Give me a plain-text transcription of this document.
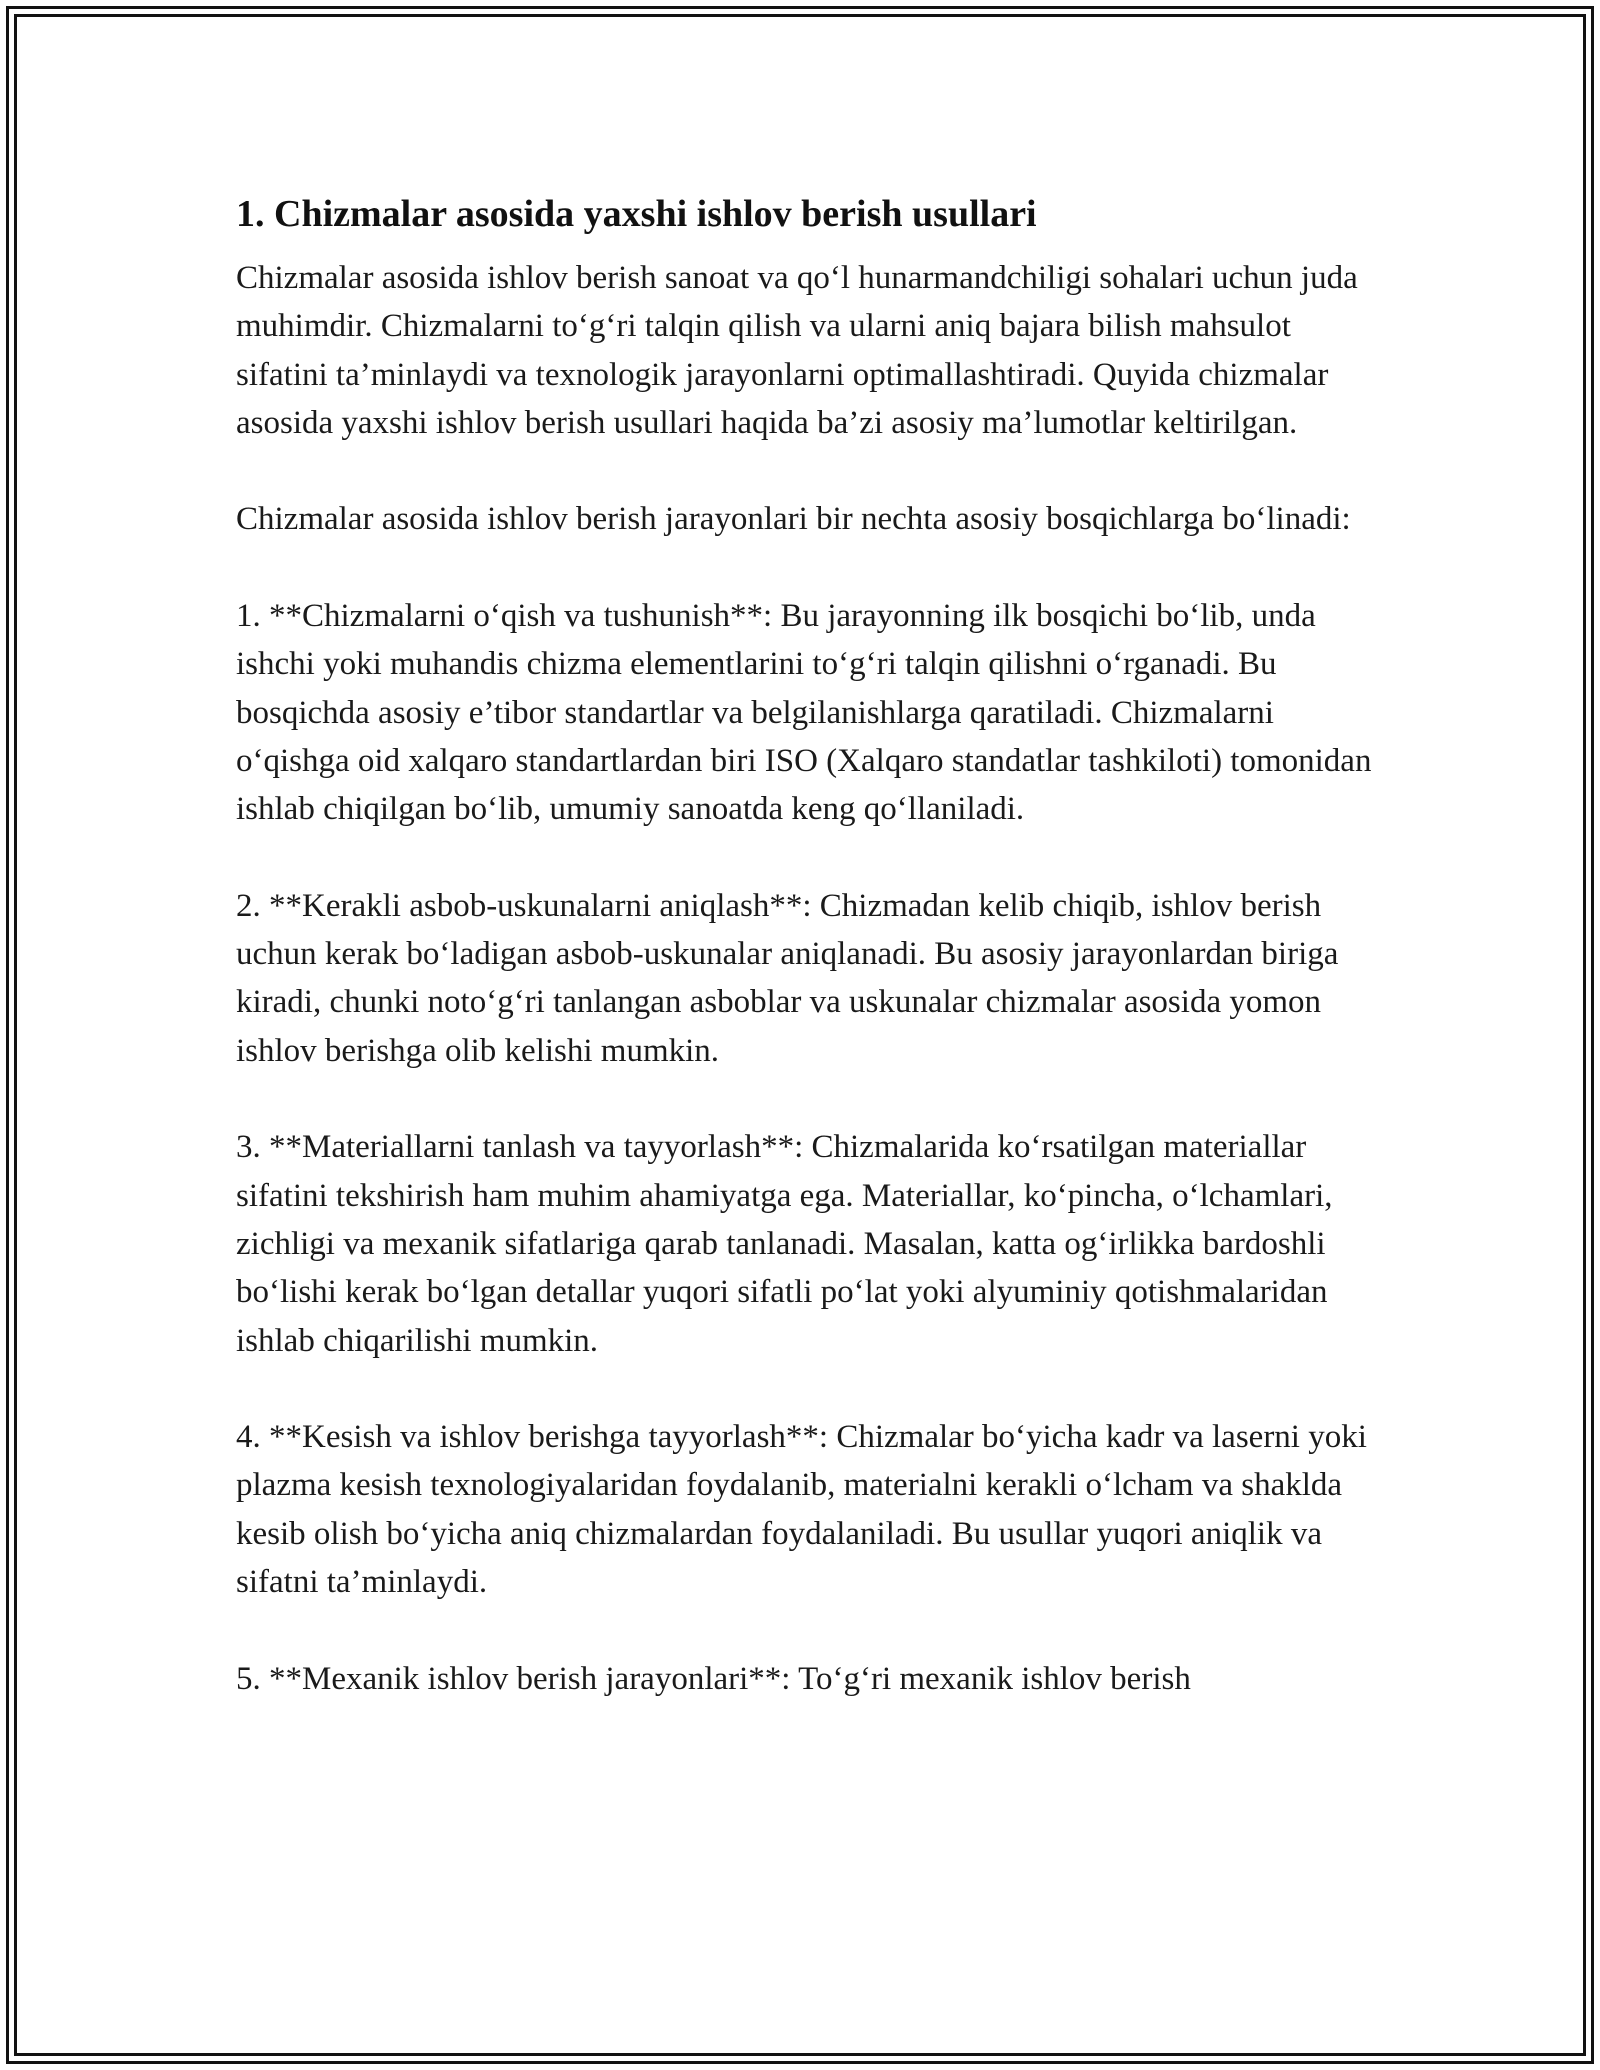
1. Chizmalar asosida yaxshi ishlov berish usullari

Chizmalar asosida ishlov berish sanoat va qo‘l hunarmandchiligi sohalari uchun juda muhimdir. Chizmalarni to‘g‘ri talqin qilish va ularni aniq bajara bilish mahsulot sifatini ta’minlaydi va texnologik jarayonlarni optimallashtiradi. Quyida chizmalar asosida yaxshi ishlov berish usullari haqida ba’zi asosiy ma’lumotlar keltirilgan.

Chizmalar asosida ishlov berish jarayonlari bir nechta asosiy bosqichlarga bo‘linadi:

1. **Chizmalarni o‘qish va tushunish**: Bu jarayonning ilk bosqichi bo‘lib, unda ishchi yoki muhandis chizma elementlarini to‘g‘ri talqin qilishni o‘rganadi. Bu bosqichda asosiy e’tibor standartlar va belgilanishlarga qaratiladi. Chizmalarni o‘qishga oid xalqaro standartlardan biri ISO (Xalqaro standatlar tashkiloti) tomonidan ishlab chiqilgan bo‘lib, umumiy sanoatda keng qo‘llaniladi.

2. **Kerakli asbob-uskunalarni aniqlash**: Chizmadan kelib chiqib, ishlov berish uchun kerak bo‘ladigan asbob-uskunalar aniqlanadi. Bu asosiy jarayonlardan biriga kiradi, chunki noto‘g‘ri tanlangan asboblar va uskunalar chizmalar asosida yomon ishlov berishga olib kelishi mumkin.

3. **Materiallarni tanlash va tayyorlash**: Chizmalarida ko‘rsatilgan materiallar sifatini tekshirish ham muhim ahamiyatga ega. Materiallar, ko‘pincha, o‘lchamlari, zichligi va mexanik sifatlariga qarab tanlanadi. Masalan, katta og‘irlikka bardoshli bo‘lishi kerak bo‘lgan detallar yuqori sifatli po‘lat yoki alyuminiy qotishmalaridan ishlab chiqarilishi mumkin.

4. **Kesish va ishlov berishga tayyorlash**: Chizmalar bo‘yicha kadr va laserni yoki plazma kesish texnologiyalaridan foydalanib, materialni kerakli o‘lcham va shaklda kesib olish bo‘yicha aniq chizmalardan foydalaniladi. Bu usullar yuqori aniqlik va sifatni ta’minlaydi.

5. **Mexanik ishlov berish jarayonlari**: To‘g‘ri mexanik ishlov berish
